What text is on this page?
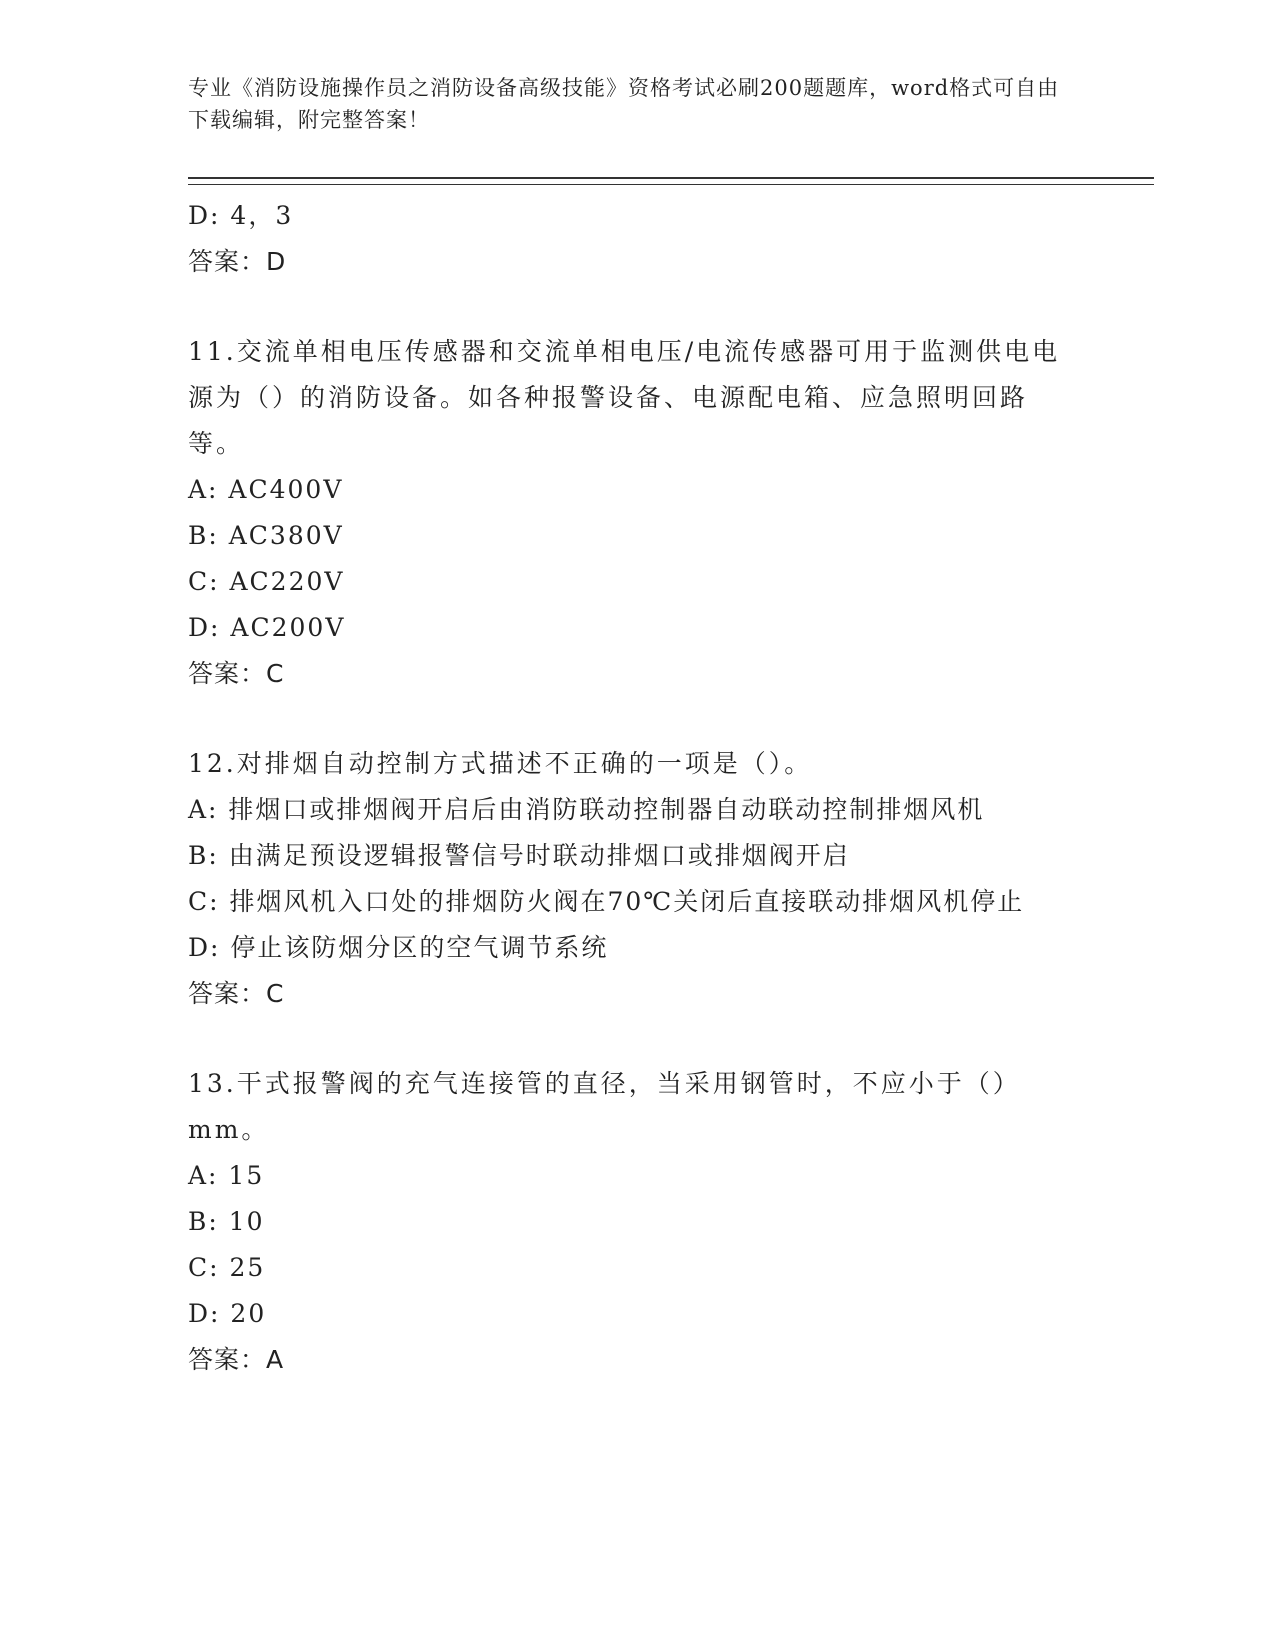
专业《消防设施操作员之消防设备高级技能》资格考试必刷200题题库，word格式可自由下载编辑，附完整答案！
D: 4，3
答案：D
11.交流单相电压传感器和交流单相电压/电流传感器可用于监测供电电源为（）的消防设备。如各种报警设备、电源配电箱、应急照明回路等。
A: AC400V
B: AC380V
C: AC220V
D: AC200V
答案：C
12.对排烟自动控制方式描述不正确的一项是（）。
A: 排烟口或排烟阀开启后由消防联动控制器自动联动控制排烟风机
B: 由满足预设逻辑报警信号时联动排烟口或排烟阀开启
C: 排烟风机入口处的排烟防火阀在70℃关闭后直接联动排烟风机停止
D: 停止该防烟分区的空气调节系统
答案：C
13.干式报警阀的充气连接管的直径，当采用钢管时，不应小于（）mm。
A: 15
B: 10
C: 25
D: 20
答案：A
